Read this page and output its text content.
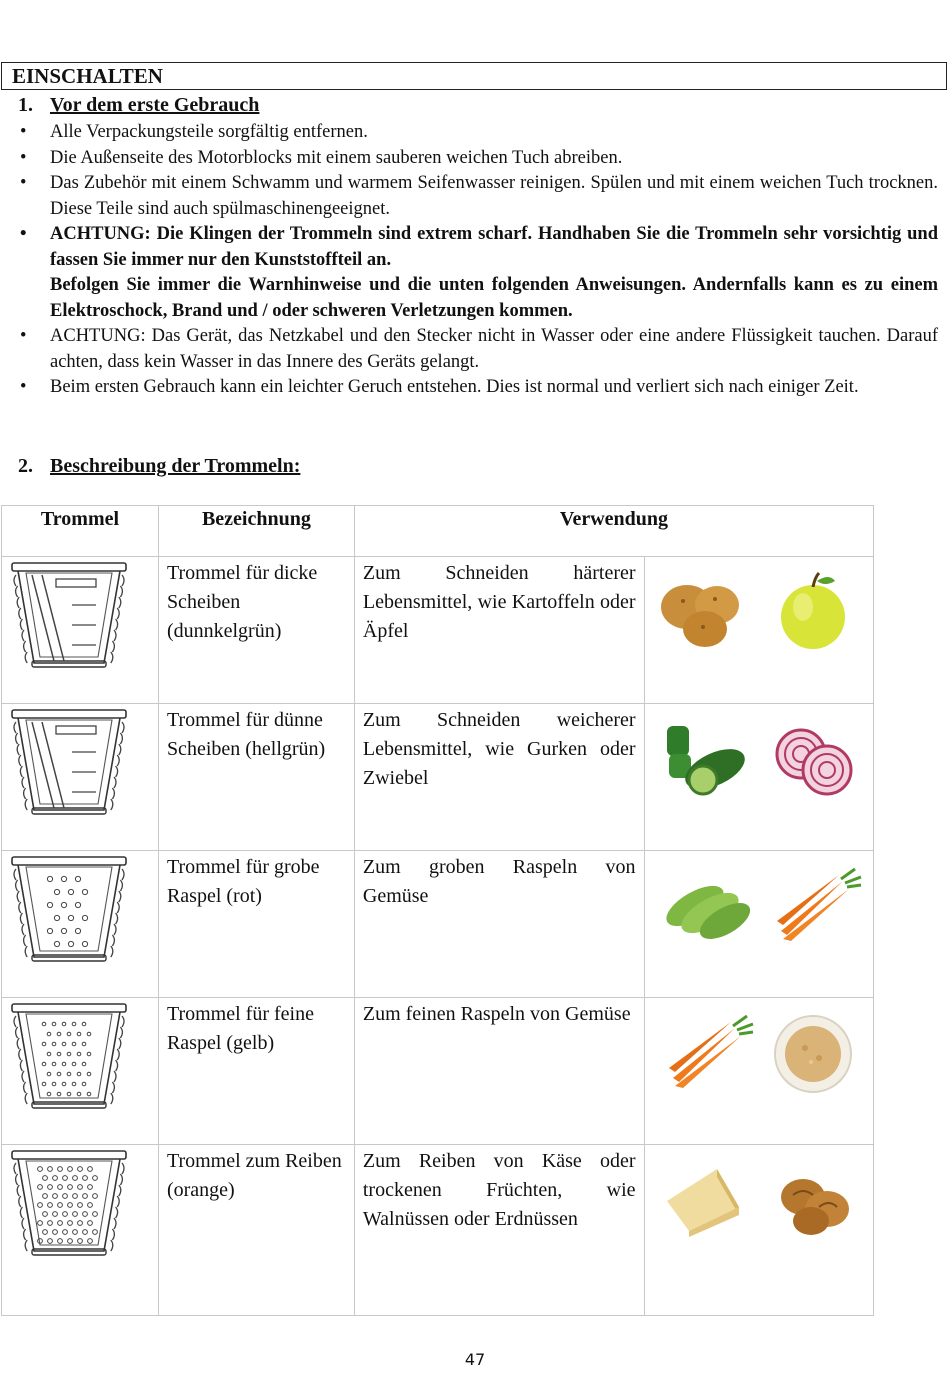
EINSCHALTEN
1. Vor dem erste Gebrauch
• Alle Verpackungsteile sorgfältig entfernen.

• Die Außenseite des Motorblocks mit einem sauberen weichen Tuch abreiben.

• Das Zubehör mit einem Schwamm und warmem Seifenwasser reinigen. Spülen und mit einem weichen Tuch trocknen. Diese Teile sind auch spülmaschinengeeignet.

• ACHTUNG: Die Klingen der Trommeln sind extrem scharf. Handhaben Sie die Trommeln sehr vorsichtig und fassen Sie immer nur den Kunststoffteil an.

Befolgen Sie immer die Warnhinweise und die unten folgenden Anweisungen. Andernfalls kann es zu einem Elektroschock, Brand und / oder schweren Verletzungen kommen.

• ACHTUNG: Das Gerät, das Netzkabel und den Stecker nicht in Wasser oder eine andere Flüssigkeit tauchen. Darauf achten, dass kein Wasser in das Innere des Geräts gelangt.

• Beim ersten Gebrauch kann ein leichter Geruch entstehen. Dies ist normal und verliert sich nach einiger Zeit.

2. Beschreibung der Trommeln:
Trommel	Bezeichnung	Verwendung	

	Trommel für dicke Scheiben (dunnkelgrün)	Zum Schneiden härterer Lebensmittel, wie Kartoffeln oder Äpfel	

	Trommel für dünne Scheiben (hellgrün)	Zum Schneiden weicherer Lebensmittel, wie Gurken oder Zwiebel	

	Trommel für grobe Raspel (rot)	Zum groben Raspeln von Gemüse	

	Trommel für feine Raspel (gelb)	Zum feinen Raspeln von Gemüse	

	Trommel zum Reiben (orange)	Zum Reiben von Käse oder trockenen Früchten, wie Walnüssen oder Erdnüssen	
47
